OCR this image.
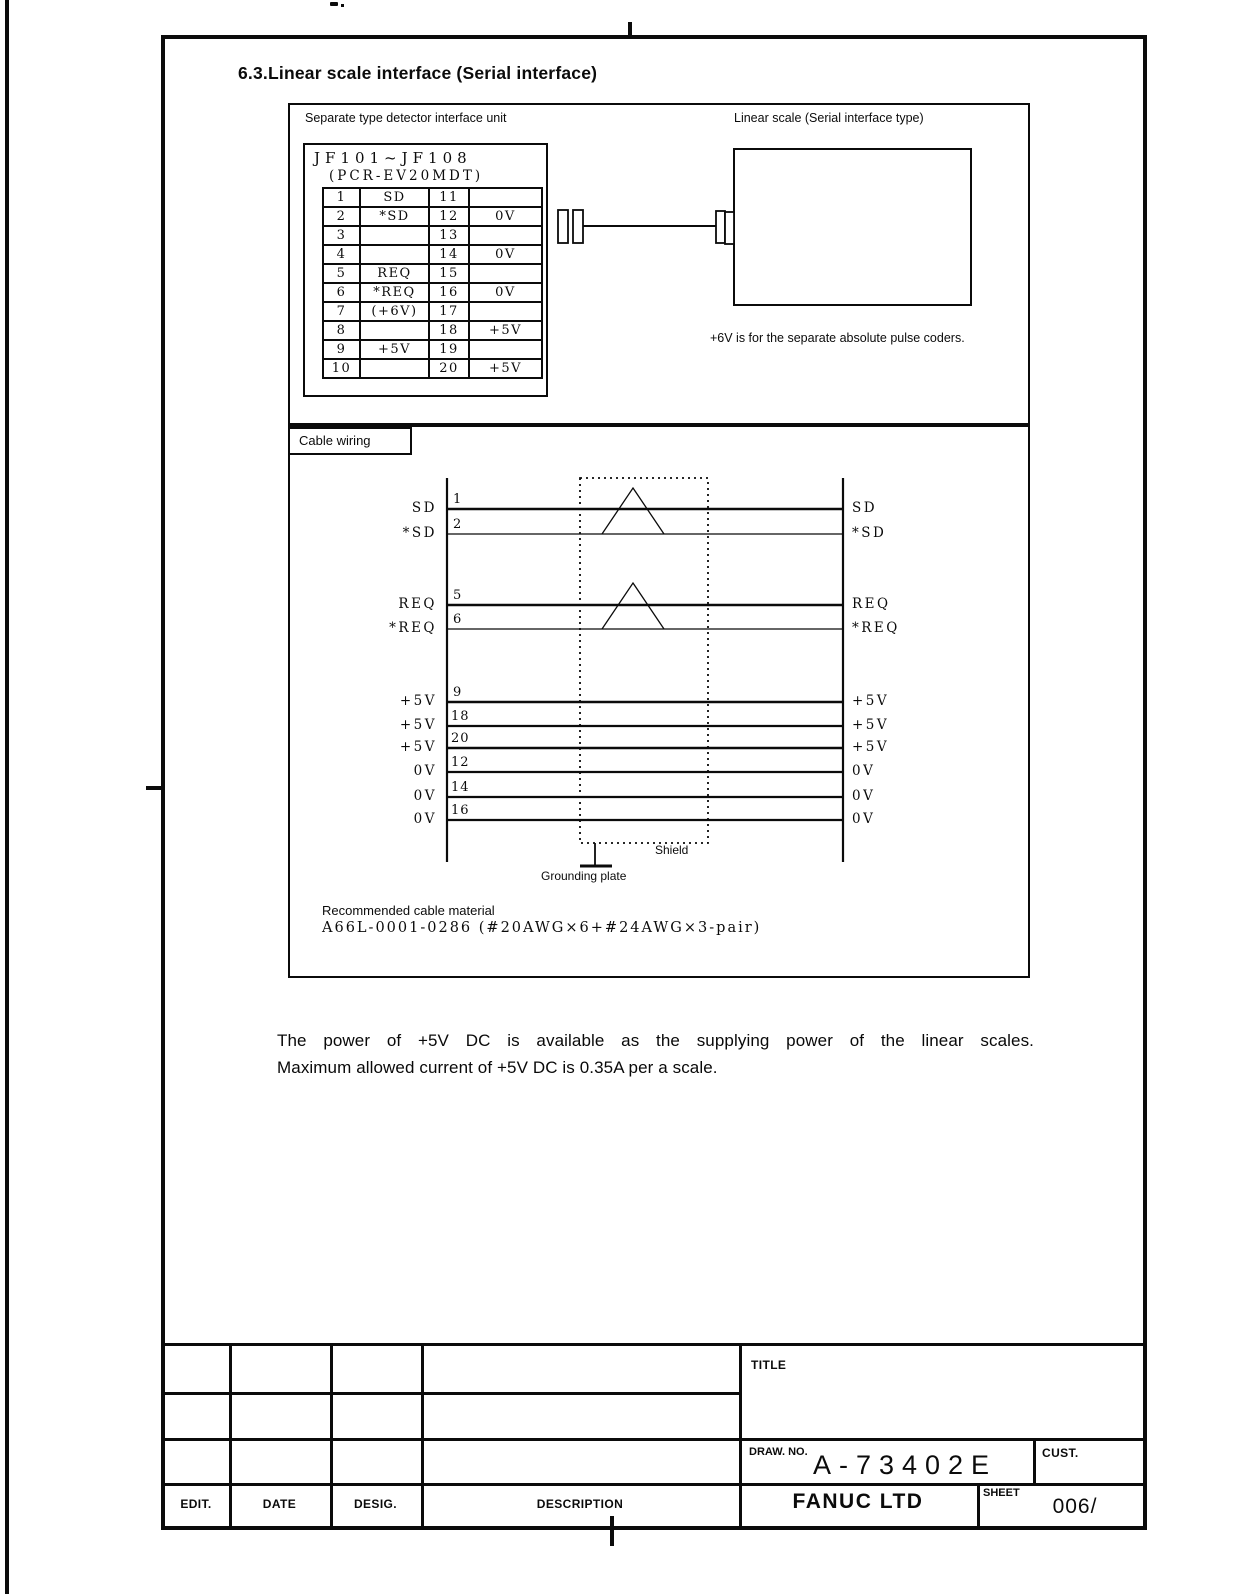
6.3.Linear scale interface (Serial interface)
Separate type detector interface unit	Linear scale (Serial interface type)
JF101~JF108
(PCR-EV20MDT)
1	SD	11	
2	*SD	12	0V
3		13	
4		14	0V
5	REQ	15	
6	*REQ	16	0V
7	(+6V)	17	
8		18	+5V
9	+5V	19	
10		20	+5V
+6V is for the separate absolute pulse coders.
Cable wiring
SD
*SD
REQ
*REQ
+5V
+5V
+5V
0V
0V
0V
1
2
5
6
9
18
20
12
14
16
SD
*SD
REQ
*REQ
+5V
+5V
+5V
0V
0V
0V
Shield
Grounding plate
Recommended cable material
A66L-0001-0286 (#20AWG×6+#24AWG×3-pair)
The power of +5V DC is available as the supplying power of the linear scales.
Maximum allowed current of +5V DC is 0.35A per a scale.
TITLE
DRAW. NO. A-73402E	CUST.
FANUC LTD	SHEET
006/
EDIT.	DATE	DESIG.	DESCRIPTION
